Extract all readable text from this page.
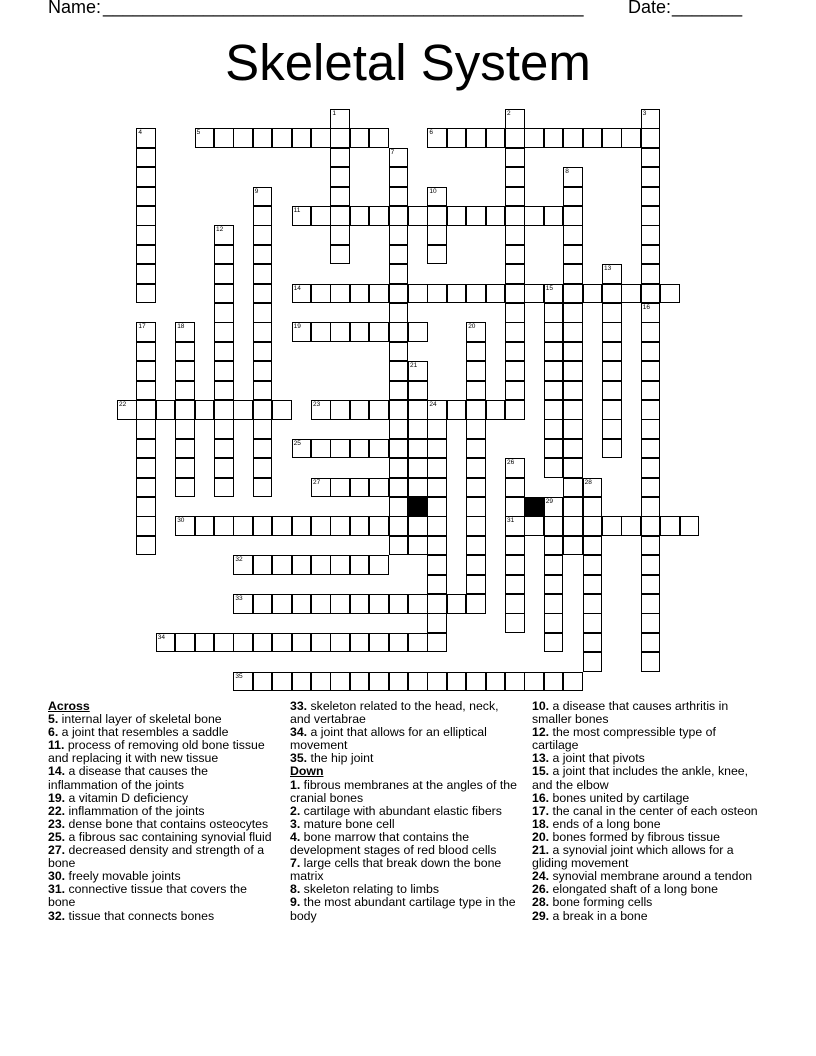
Name: ________________________________________________ Date: _______
Skeletal System
1	2	3
4	5	6
7
8
9	10
11
12
13
14	15
16
17	18	19	20
21
22	23	24
25
26
31
27	28
29
30
32
33
34
35
Across
5. internal layer of skeletal bone
6. a joint that resembles a saddle
11. process of removing old bone tissue and replacing it with new tissue
14. a disease that causes the inflammation of the joints
19. a vitamin D deficiency
22. inflammation of the joints
23. dense bone that contains osteocytes
25. a fibrous sac containing synovial fluid
27. decreased density and strength of a bone
30. freely movable joints
31. connective tissue that covers the bone
32. tissue that connects bones
33. skeleton related to the head, neck, and vertabrae
34. a joint that allows for an elliptical movement
35. the hip joint
Down
1. fibrous membranes at the angles of the cranial bones
2. cartilage with abundant elastic fibers
3. mature bone cell
4. bone marrow that contains the development stages of red blood cells
7. large cells that break down the bone matrix
8. skeleton relating to limbs
9. the most abundant cartilage type in the body
10. a disease that causes arthritis in smaller bones
12. the most compressible type of cartilage
13. a joint that pivots
15. a joint that includes the ankle, knee, and the elbow
16. bones united by cartilage
17. the canal in the center of each osteon
18. ends of a long bone
20. bones formed by fibrous tissue
21. a synovial joint which allows for a gliding movement
24. synovial membrane around a tendon
26. elongated shaft of a long bone
28. bone forming cells
29. a break in a bone
